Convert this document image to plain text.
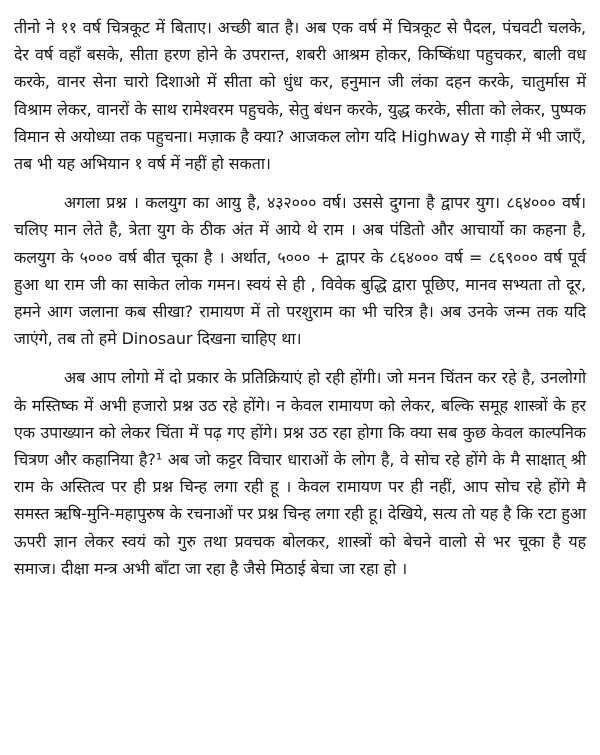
तीनो ने ११ वर्ष चित्रकूट में बिताए। अच्छी बात है। अब एक वर्ष में चित्रकूट से पैदल, पंचवटी चलके, देर वर्ष वहाँ बसके, सीता हरण होने के उपरान्त, शबरी आश्रम होकर, किष्किंधा पहुचकर, बाली वध करके, वानर सेना चारो दिशाओ में सीता को धुंध कर, हनुमान जी लंका दहन करके, चातुर्मास में विश्राम लेकर, वानरों के साथ रामेश्वरम पहुचके, सेतु बंधन करके, युद्ध करके, सीता को लेकर, पुष्पक विमान से अयोध्या तक पहुचना। मज़ाक है क्या? आजकल लोग यदि Highway से गाड़ी में भी जाएँ, तब भी यह अभियान १ वर्ष में नहीं हो सकता।

अगला प्रश्न । कलयुग का आयु है, ४३२००० वर्ष। उससे दुगना है द्वापर युग। ८६४००० वर्ष। चलिए मान लेते है, त्रेता युग के ठीक अंत में आये थे राम । अब पंडितो और आचार्यो का कहना है, कलयुग के ५००० वर्ष बीत चूका है । अर्थात, ५००० + द्वापर के ८६४००० वर्ष = ८६९००० वर्ष पूर्व हुआ था राम जी का साकेत लोक गमन। स्वयं से ही , विवेक बुद्धि द्वारा पूछिए, मानव सभ्यता तो दूर, हमने आग जलाना कब सीखा? रामायण में तो परशुराम का भी चरित्र है। अब उनके जन्म तक यदि जाएंगे, तब तो हमे Dinosaur दिखना चाहिए था।

अब आप लोगो में दो प्रकार के प्रतिक्रियाएं हो रही होंगी। जो मनन चिंतन कर रहे है, उनलोगो के मस्तिष्क में अभी हजारो प्रश्न उठ रहे होंगे। न केवल रामायण को लेकर, बल्कि समूह शास्त्रों के हर एक उपाख्यान को लेकर चिंता में पढ़ गए होंगे। प्रश्न उठ रहा होगा कि क्या सब कुछ केवल काल्पनिक चित्रण और कहानिया है?¹ अब जो कट्टर विचार धाराओं के लोग है, वे सोच रहे होंगे के मै साक्षात् श्री राम के अस्तित्व पर ही प्रश्न चिन्ह लगा रही हू । केवल रामायण पर ही नहीं, आप सोच रहे होंगे मै समस्त ऋषि-मुनि-महापुरुष के रचनाओं पर प्रश्न चिन्ह लगा रही हू। देखिये, सत्य तो यह है कि रटा हुआ ऊपरी ज्ञान लेकर स्वयं को गुरु तथा प्रवचक बोलकर, शास्त्रों को बेचने वालो से भर चूका है यह समाज। दीक्षा मन्त्र अभी बाँटा जा रहा है जैसे मिठाई बेचा जा रहा हो ।
